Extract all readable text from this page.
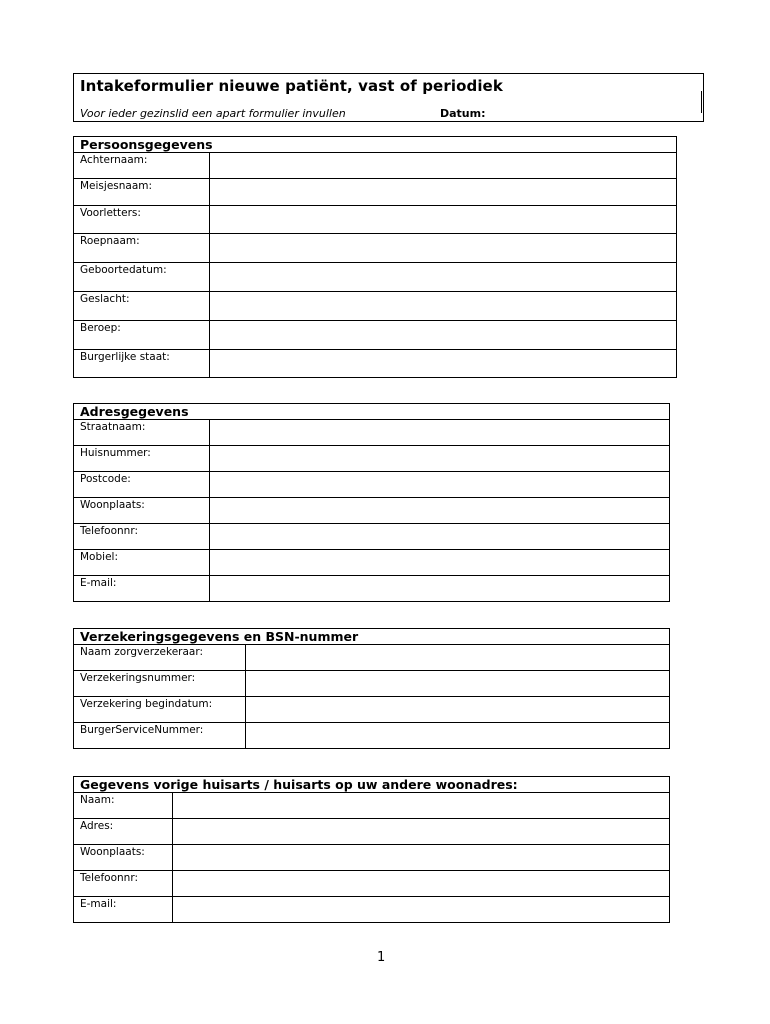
Intakeformulier nieuwe patiënt, vast of periodiek
Voor ieder gezinslid een apart formulier invullen	Datum:
Persoonsgegevens	
Achternaam:	
Meisjesnaam:	
Voorletters:	
Roepnaam:	
Geboortedatum:	
Geslacht:	
Beroep:	
Burgerlijke staat:	
Adresgegevens	
Straatnaam:	
Huisnummer:	
Postcode:	
Woonplaats:	
Telefoonnr:	
Mobiel:	
E-mail:	
Verzekeringsgegevens en BSN-nummer	
Naam zorgverzekeraar:	
Verzekeringsnummer:	
Verzekering begindatum:	
BurgerServiceNummer:	
Gegevens vorige huisarts / huisarts op uw andere woonadres:	
Naam:	
Adres:	
Woonplaats:	
Telefoonnr:	
E-mail:	
1
